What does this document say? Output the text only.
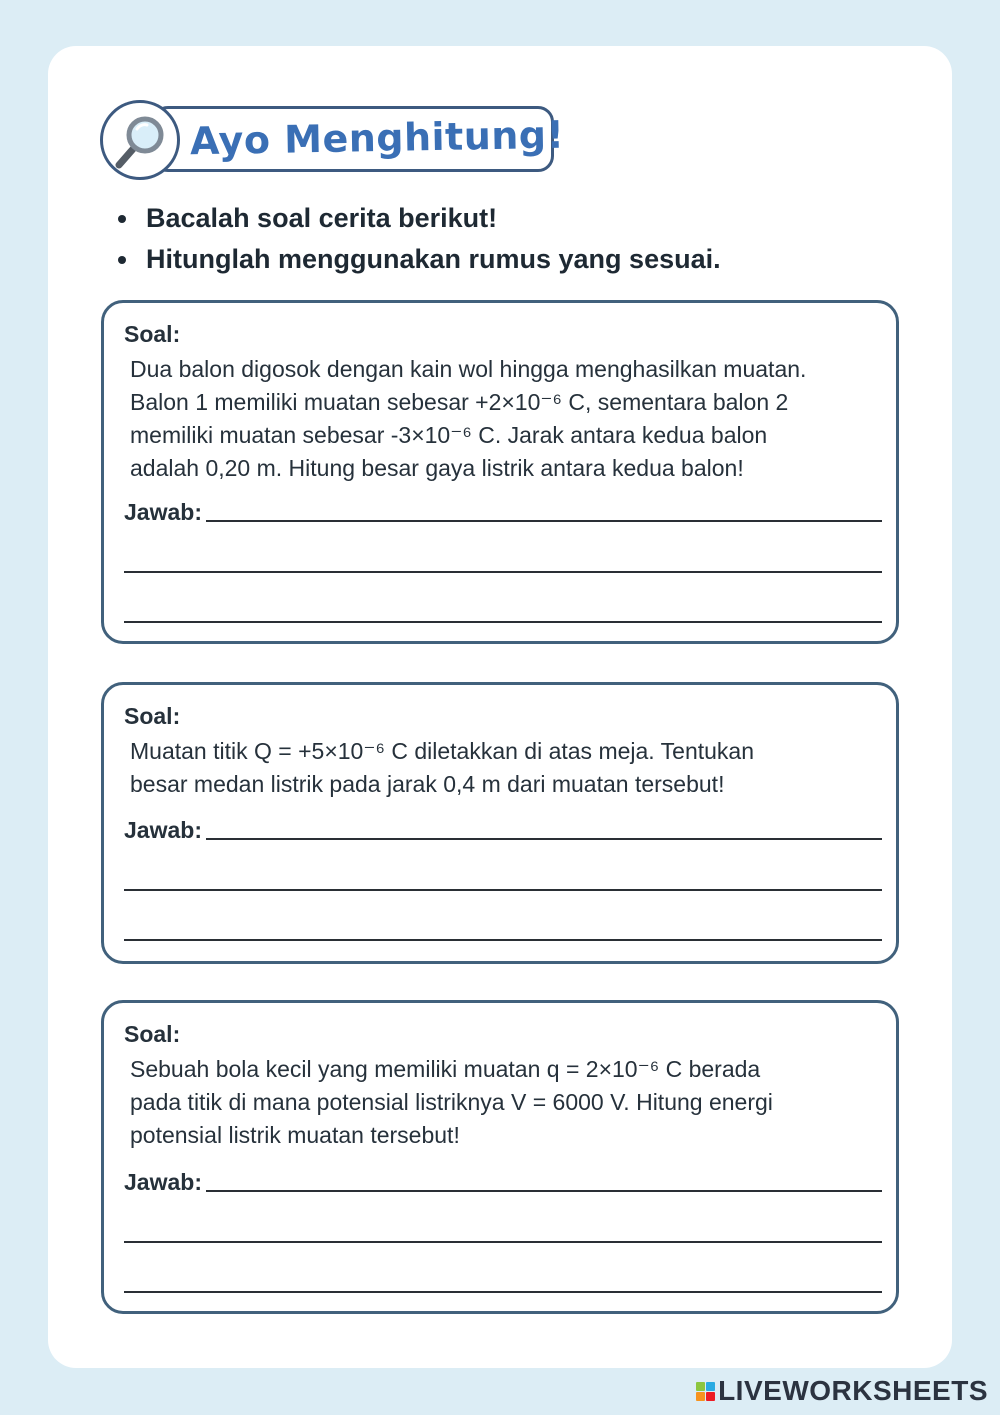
Ayo Menghitung!
Bacalah soal cerita berikut!
Hitunglah menggunakan rumus yang sesuai.
Soal:
Dua balon digosok dengan kain wol hingga menghasilkan muatan.
Balon 1 memiliki muatan sebesar +2×10⁻⁶ C, sementara balon 2
memiliki muatan sebesar -3×10⁻⁶ C. Jarak antara kedua balon
adalah 0,20 m. Hitung besar gaya listrik antara kedua balon!
Jawab:
Soal:
Muatan titik Q = +5×10⁻⁶ C diletakkan di atas meja. Tentukan
besar medan listrik pada jarak 0,4 m dari muatan tersebut!
Jawab:
Soal:
Sebuah bola kecil yang memiliki muatan q = 2×10⁻⁶ C berada
pada titik di mana potensial listriknya V = 6000 V. Hitung energi
potensial listrik muatan tersebut!
Jawab:
LIVEWORKSHEETS
